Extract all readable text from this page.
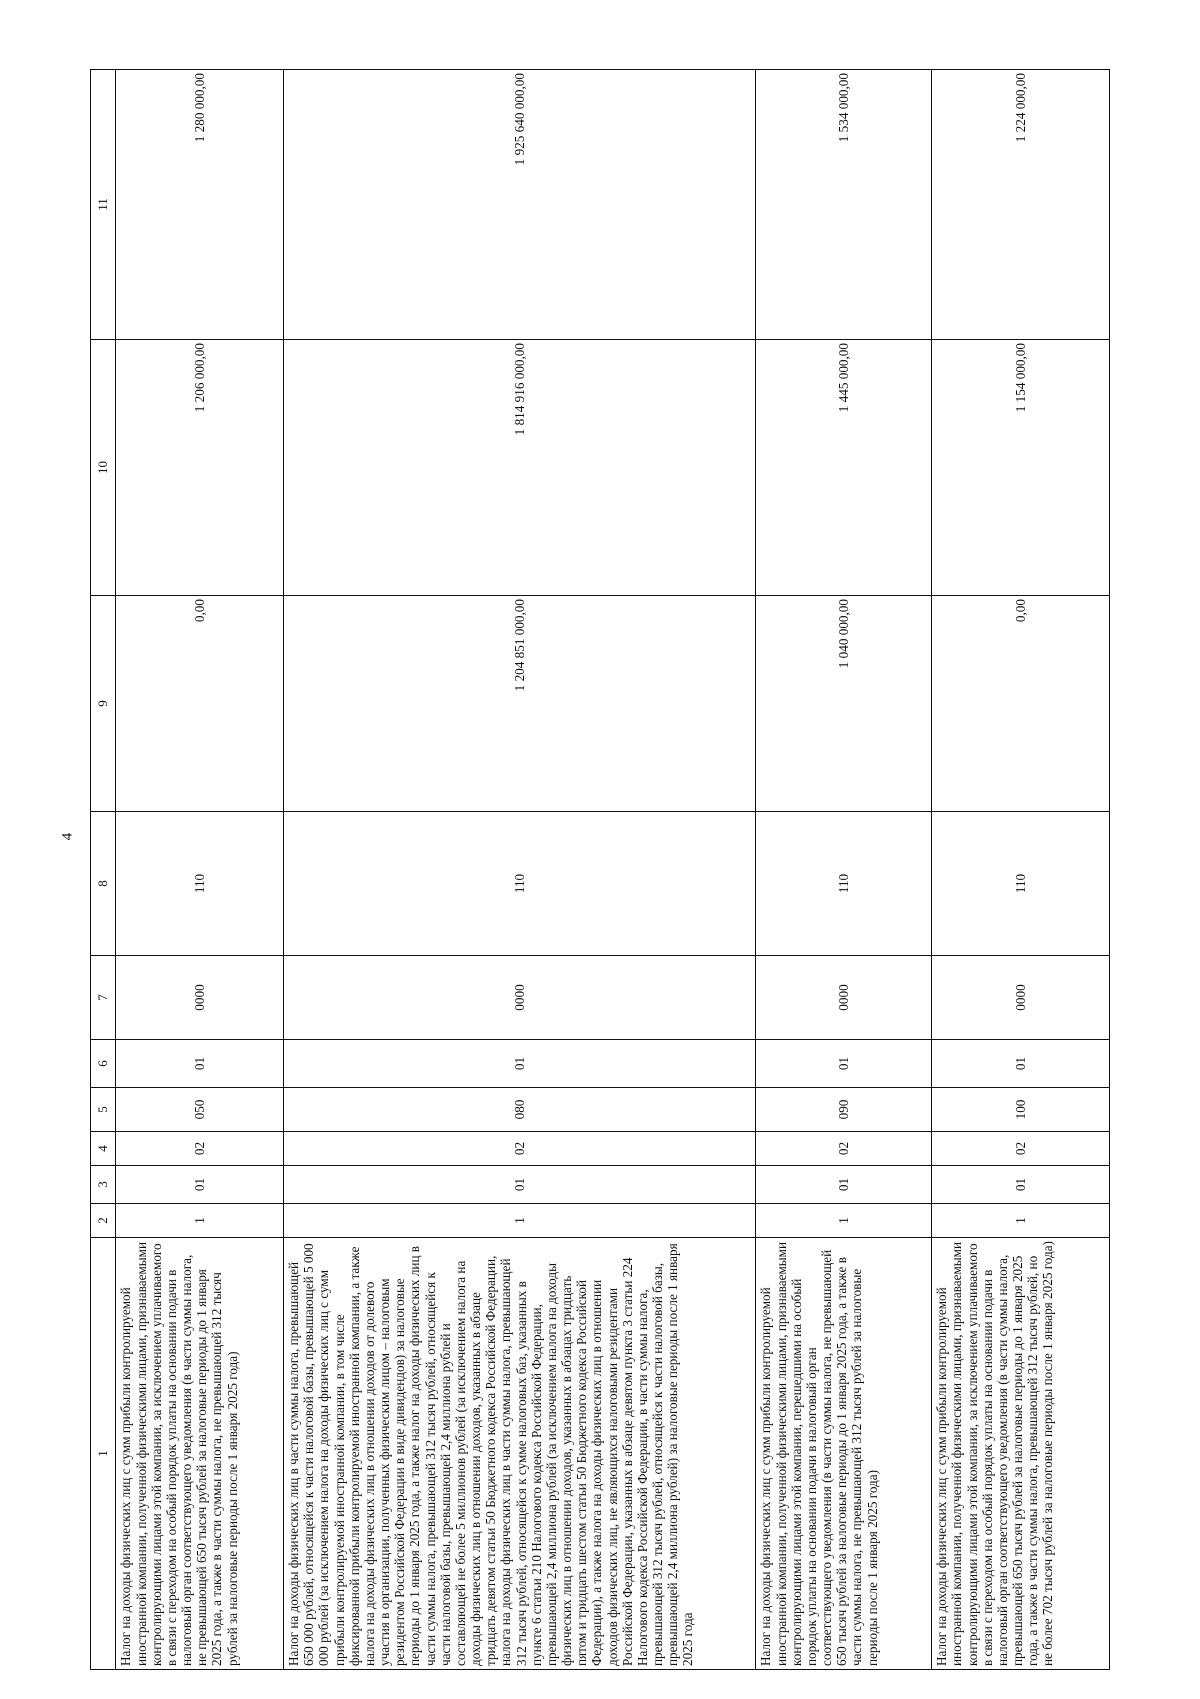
4
1	2	3	4	5	6	7	8	9	10	11
Налог на доходы физических лиц с сумм прибыли контролируемой иностранной компании, полученной физическими лицами, признаваемыми контролирующими лицами этой компании, за исключением уплачиваемого в связи с переходом на особый порядок уплаты на основании подачи в налоговый орган соответствующего уведомления (в части суммы налога, не превышающей 650 тысяч рублей за налоговые периоды до 1 января 2025 года, а также в части суммы налога, не превышающей 312 тысяч рублей за налоговые периоды после 1 января 2025 года)	1	01	02	050	01	0000	110	0,00	1 206 000,00	1 280 000,00
Налог на доходы физических лиц в части суммы налога, превышающей 650 000 рублей, относящейся к части налоговой базы, превышающей 5 000 000 рублей (за исключением налога на доходы физических лиц с сумм прибыли контролируемой иностранной компании, в том числе фиксированной прибыли контролируемой иностранной компании, а также налога на доходы физических лиц в отношении доходов от долевого участия в организации, полученных физическим лицом – налоговым резидентом Российской Федерации в виде дивидендов) за налоговые периоды до 1 января 2025 года, а также налог на доходы физических лиц в части суммы налога, превышающей 312 тысяч рублей, относящейся к части налоговой базы, превышающей 2,4 миллиона рублей и составляющей не более 5 миллионов рублей (за исключением налога на доходы физических лиц в отношении доходов, указанных в абзаце тридцать девятом статьи 50 Бюджетного кодекса Российской Федерации, налога на доходы физических лиц в части суммы налога, превышающей 312 тысяч рублей, относящейся к сумме налоговых баз, указанных в пункте 6 статьи 210 Налогового кодекса Российской Федерации, превышающей 2,4 миллиона рублей (за исключением налога на доходы физических лиц в отношении доходов, указанных в абзацах тридцать пятом и тридцать шестом статьи 50 Бюджетного кодекса Российской Федерации), а также налога на доходы физических лиц в отношении доходов физических лиц, не являющихся налоговыми резидентами Российской Федерации, указанных в абзаце девятом пункта 3 статьи 224 Налогового кодекса Российской Федерации, в части суммы налога, превышающей 312 тысяч рублей, относящейся к части налоговой базы, превышающей 2,4 миллиона рублей) за налоговые периоды после 1 января 2025 года	1	01	02	080	01	0000	110	1 204 851 000,00	1 814 916 000,00	1 925 640 000,00
Налог на доходы физических лиц с сумм прибыли контролируемой иностранной компании, полученной физическими лицами, признаваемыми контролирующими лицами этой компании, перешедшими на особый порядок уплаты на основании подачи в налоговый орган соответствующего уведомления (в части суммы налога, не превышающей 650 тысяч рублей за налоговые периоды до 1 января 2025 года, а также в части суммы налога, не превышающей 312 тысяч рублей за налоговые периоды после 1 января 2025 года)	1	01	02	090	01	0000	110	1 040 000,00	1 445 000,00	1 534 000,00
Налог на доходы физических лиц с сумм прибыли контролируемой иностранной компании, полученной физическими лицами, признаваемыми контролирующими лицами этой компании, за исключением уплачиваемого в связи с переходом на особый порядок уплаты на основании подачи в налоговый орган соответствующего уведомления (в части суммы налога, превышающей 650 тысяч рублей за налоговые периоды до 1 января 2025 года, а также в части суммы налога, превышающей 312 тысяч рублей, но не более 702 тысяч рублей за налоговые периоды после 1 января 2025 года)	1	01	02	100	01	0000	110	0,00	1 154 000,00	1 224 000,00
